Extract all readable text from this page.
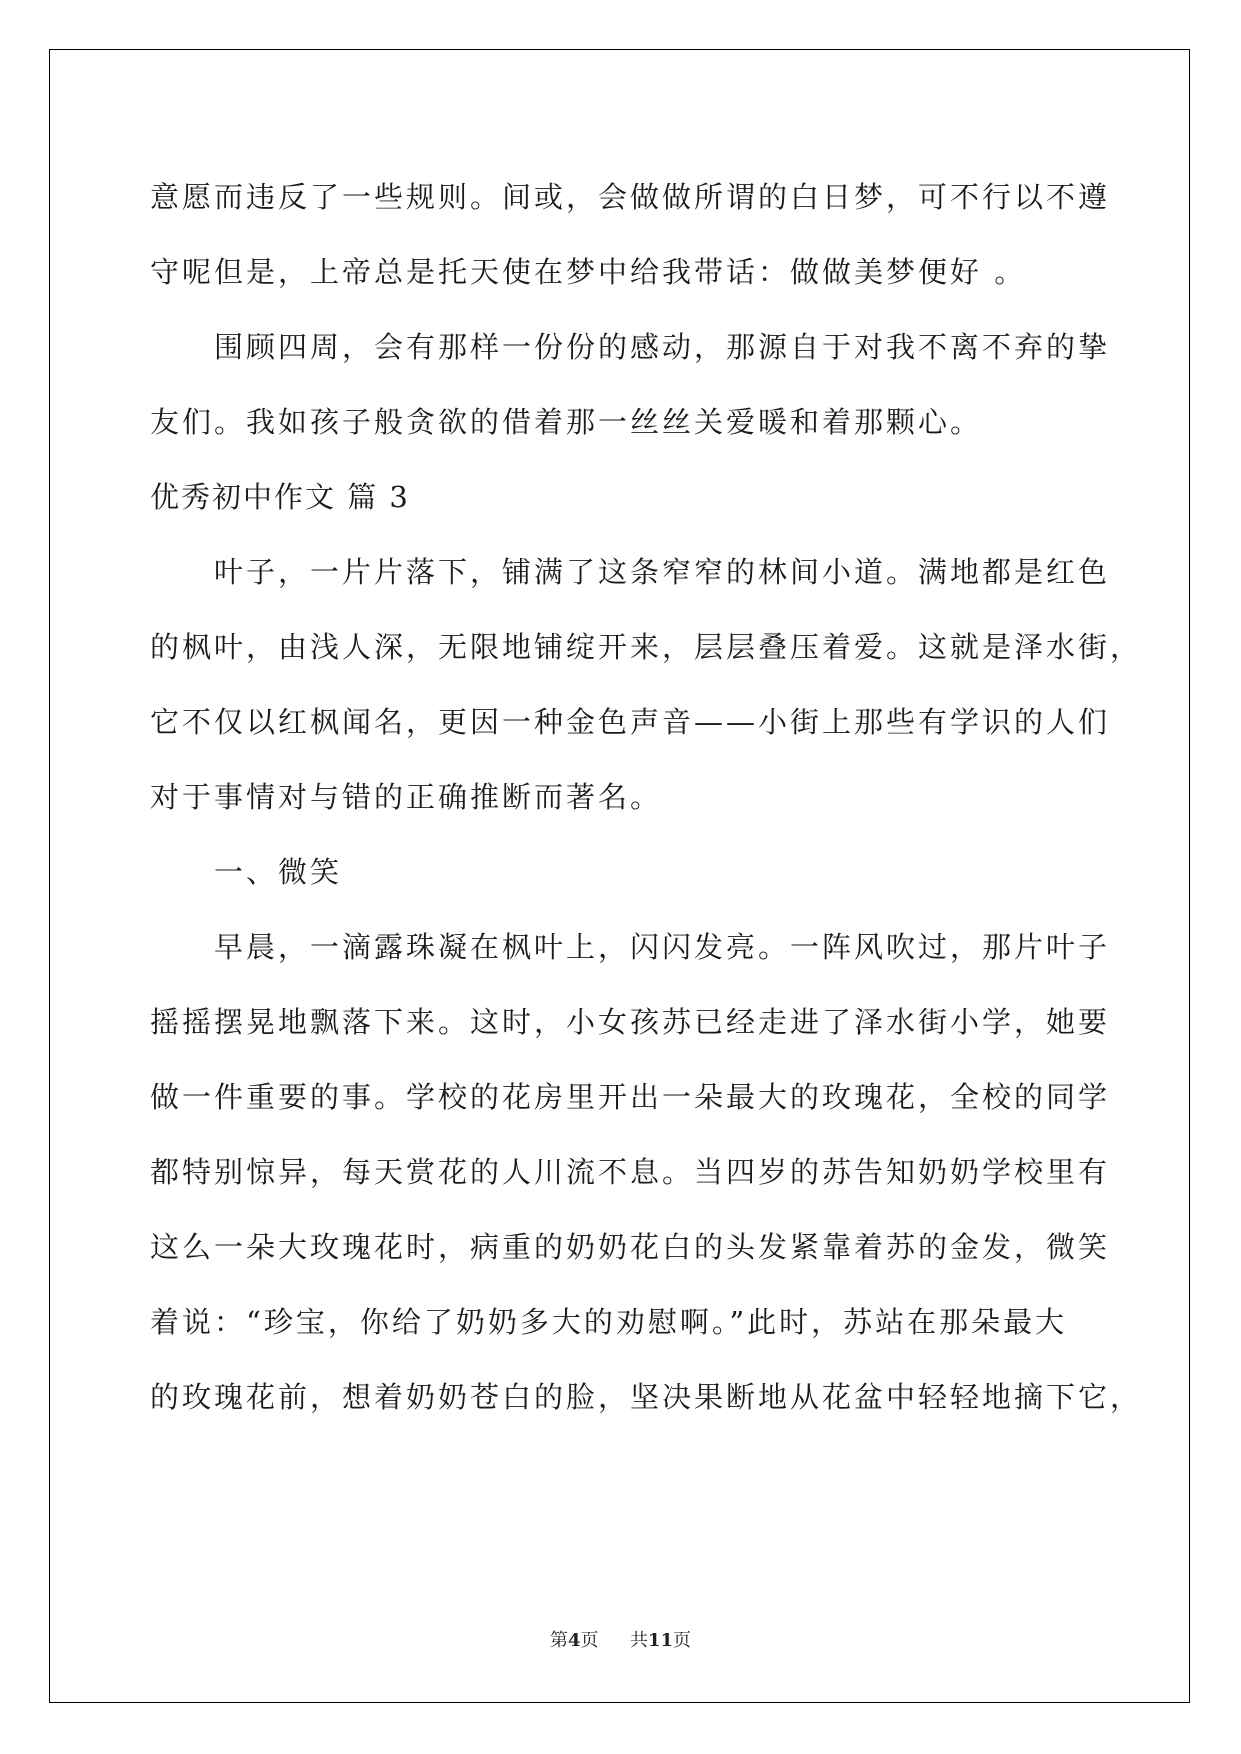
意愿而违反了一些规则。间或，会做做所谓的白日梦，可不行以不遵
守呢但是，上帝总是托天使在梦中给我带话：做做美梦便好 。
围顾四周，会有那样一份份的感动，那源自于对我不离不弃的挚
友们。我如孩子般贪欲的借着那一丝丝关爱暖和着那颗心。
优秀初中作文 篇 3
叶子，一片片落下，铺满了这条窄窄的林间小道。满地都是红色
的枫叶，由浅人深，无限地铺绽开来，层层叠压着爱。这就是泽水街，
它不仅以红枫闻名，更因一种金色声音——小街上那些有学识的人们
对于事情对与错的正确推断而著名。
一、微笑
早晨，一滴露珠凝在枫叶上，闪闪发亮。一阵风吹过，那片叶子
摇摇摆晃地飘落下来。这时，小女孩苏已经走进了泽水街小学，她要
做一件重要的事。学校的花房里开出一朵最大的玫瑰花，全校的同学
都特别惊异，每天赏花的人川流不息。当四岁的苏告知奶奶学校里有
这么一朵大玫瑰花时，病重的奶奶花白的头发紧靠着苏的金发，微笑
着说：“珍宝，你给了奶奶多大的劝慰啊。”此时，苏站在那朵最大
的玫瑰花前，想着奶奶苍白的脸，坚决果断地从花盆中轻轻地摘下它，
第4页 共11页
